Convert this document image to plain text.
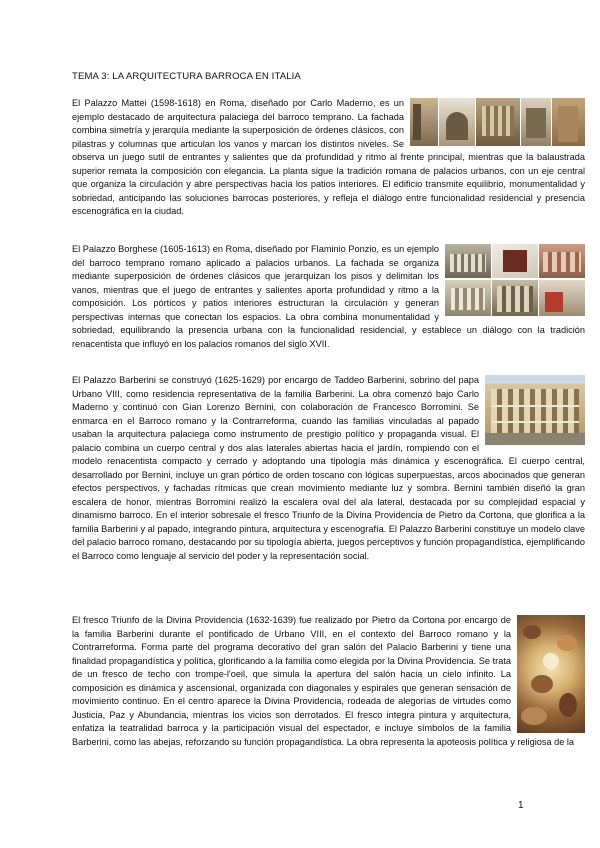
TEMA 3: LA ARQUITECTURA BARROCA EN ITALIA
El Palazzo Mattei (1598-1618) en Roma, diseñado por Carlo Maderno, es un ejemplo destacado de arquitectura palaciega del barroco temprano. La fachada combina simetría y jerarquía mediante la superposición de órdenes clásicos, con pilastras y columnas que articulan los vanos y marcan los distintos niveles. Se observa un juego sutil de entrantes y salientes que da profundidad y ritmo al frente principal, mientras que la balaustrada superior remata la composición con elegancia. La planta sigue la tradición romana de palacios urbanos, con un eje central que organiza la circulación y abre perspectivas hacia los patios interiores. El edificio transmite equilibrio, monumentalidad y sobriedad, anticipando las soluciones barrocas posteriores, y refleja el diálogo entre funcionalidad residencial y presencia escenográfica en la ciudad.
El Palazzo Borghese (1605-1613) en Roma, diseñado por Flaminio Ponzio, es un ejemplo del barroco temprano romano aplicado a palacios urbanos. La fachada se organiza mediante superposición de órdenes clásicos que jerarquizan los pisos y delimitan los vanos, mientras que el juego de entrantes y salientes aporta profundidad y ritmo a la composición. Los pórticos y patios interiores estructuran la circulación y generan perspectivas internas que conectan los espacios. La obra combina monumentalidad y sobriedad, equilibrando la presencia urbana con la funcionalidad residencial, y establece un diálogo con la tradición renacentista que influyó en los palacios romanos del siglo XVII.
El Palazzo Barberini se construyó (1625-1629) por encargo de Taddeo Barberini, sobrino del papa Urbano VIII, como residencia representativa de la familia Barberini. La obra comenzó bajo Carlo Maderno y continuó con Gian Lorenzo Bernini, con colaboración de Francesco Borromini. Se enmarca en el Barroco romano y la Contrarreforma, cuando las familias vinculadas al papado usaban la arquitectura palaciega como instrumento de prestigio político y propaganda visual. El palacio combina un cuerpo central y dos alas laterales abiertas hacia el jardín, rompiendo con el modelo renacentista compacto y cerrado y adoptando una tipología más dinámica y escenográfica. El cuerpo central, desarrollado por Bernini, incluye un gran pórtico de orden toscano con lógicas superpuestas, arcos abocinados que generan efectos perspectivos, y fachadas rítmicas que crean movimiento mediante luz y sombra. Bernini también diseñó la gran escalera de honor, mientras Borromini realizó la escalera oval del ala lateral, destacada por su complejidad espacial y dinamismo barroco. En el interior sobresale el fresco Triunfo de la Divina Providencia de Pietro da Cortona, que glorifica a la familia Barberini y al papado, integrando pintura, arquitectura y escenografía. El Palazzo Barberini constituye un modelo clave del palacio barroco romano, destacando por su tipología abierta, juegos perceptivos y función propagandística, ejemplificando el Barroco como lenguaje al servicio del poder y la representación social.
El fresco Triunfo de la Divina Providencia (1632-1639) fue realizado por Pietro da Cortona por encargo de la familia Barberini durante el pontificado de Urbano VIII, en el contexto del Barroco romano y la Contrarreforma. Forma parte del programa decorativo del gran salón del Palacio Barberini y tiene una finalidad propagandística y política, glorificando a la familia como elegida por la Divina Providencia. Se trata de un fresco de techo con trompe-l'oeil, que simula la apertura del salón hacia un cielo infinito. La composición es dinámica y ascensional, organizada con diagonales y espirales que generan sensación de movimiento continuo. En el centro aparece la Divina Providencia, rodeada de alegorías de virtudes como Justicia, Paz y Abundancia, mientras los vicios son derrotados. El fresco integra pintura y arquitectura, enfatiza la teatralidad barroca y la participación visual del espectador, e incluye símbolos de la familia Barberini, como las abejas, reforzando su función propagandística. La obra representa la apoteosis política y religiosa de la
1
